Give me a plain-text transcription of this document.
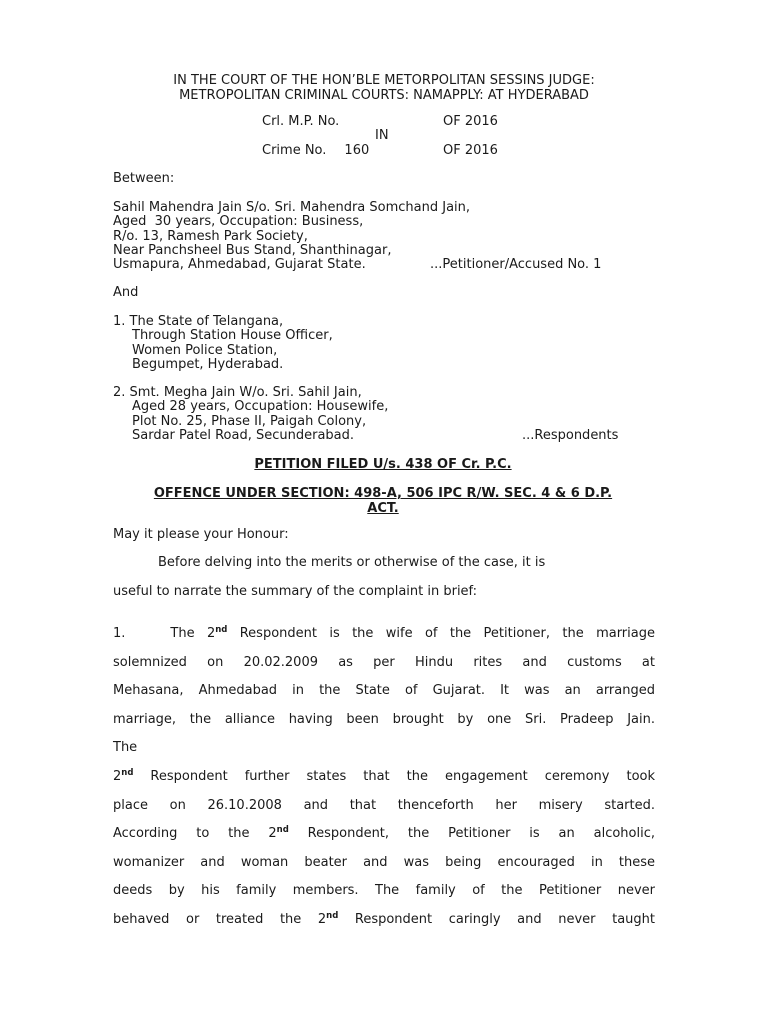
IN THE COURT OF THE HON’BLE METORPOLITAN SESSINS JUDGE:
METROPOLITAN CRIMINAL COURTS: NAMAPPLY: AT HYDERABAD
Crl. M.P. No.	OF 2016
IN
Crime No. 160	OF 2016
Between:
Sahil Mahendra Jain S/o. Sri. Mahendra Somchand Jain,
Aged  30 years, Occupation: Business,
R/o. 13, Ramesh Park Society,
Near Panchsheel Bus Stand, Shanthinagar,
Usmapura, Ahmedabad, Gujarat State.	...Petitioner/Accused No. 1
And
1. The State of Telangana,
Through Station House Officer,
Women Police Station,
Begumpet, Hyderabad.
2. Smt. Megha Jain W/o. Sri. Sahil Jain,
Aged 28 years, Occupation: Housewife,
Plot No. 25, Phase II, Paigah Colony,
Sardar Patel Road, Secunderabad.	...Respondents
PETITION FILED U/s. 438 OF Cr. P.C.
OFFENCE UNDER SECTION: 498-A, 506 IPC R/W. SEC. 4 & 6 D.P.
ACT.
May it please your Honour:
Before delving into the merits or otherwise of the case, it is
useful to narrate the summary of the complaint in brief:

1.	The 2nd Respondent is the wife of the Petitioner, the marriage

solemnized on 20.02.2009 as per Hindu rites and customs at

Mehasana, Ahmedabad in the State of Gujarat. It was an arranged

marriage, the alliance having been brought by one Sri. Pradeep Jain.

The

2nd Respondent further states that the engagement ceremony took

place on 26.10.2008 and that thenceforth her misery started.

According to the 2nd Respondent, the Petitioner is an alcoholic,

womanizer and woman beater and was being encouraged in these

deeds by his family members. The family of the Petitioner never

behaved or treated the 2nd Respondent caringly and never taught
